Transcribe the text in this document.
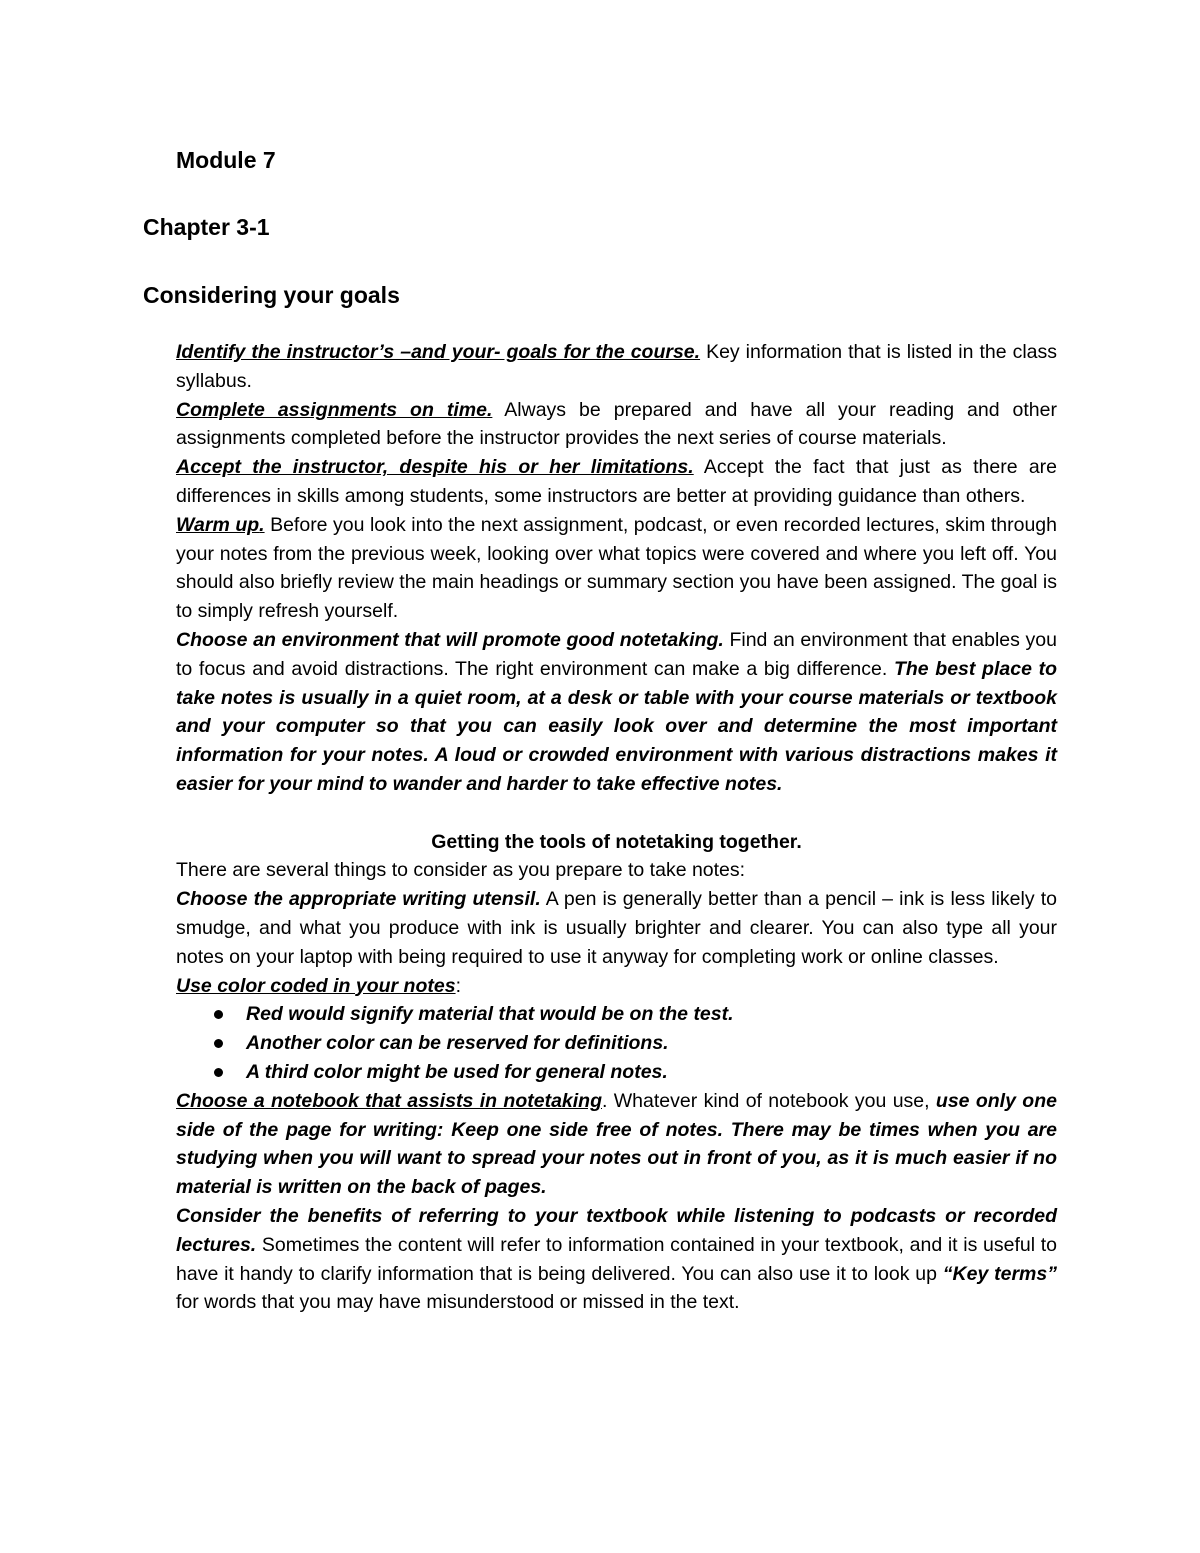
Module 7
Chapter 3-1
Considering your goals

Identify the instructor’s –and your- goals for the course. Key information that is listed in the class syllabus.

Complete assignments on time. Always be prepared and have all your reading and other assignments completed before the instructor provides the next series of course materials.

Accept the instructor, despite his or her limitations. Accept the fact that just as there are differences in skills among students, some instructors are better at providing guidance than others.

Warm up. Before you look into the next assignment, podcast, or even recorded lectures, skim through your notes from the previous week, looking over what topics were covered and where you left off. You should also briefly review the main headings or summary section you have been assigned. The goal is to simply refresh yourself.

Choose an environment that will promote good notetaking. Find an environment that enables you to focus and avoid distractions. The right environment can make a big difference. The best place to take notes is usually in a quiet room, at a desk or table with your course materials or textbook and your computer so that you can easily look over and determine the most important information for your notes. A loud or crowded environment with various distractions makes it easier for your mind to wander and harder to take effective notes.

Getting the tools of notetaking together.

There are several things to consider as you prepare to take notes:

Choose the appropriate writing utensil. A pen is generally better than a pencil – ink is less likely to smudge, and what you produce with ink is usually brighter and clearer. You can also type all your notes on your laptop with being required to use it anyway for completing work or online classes.

Use color coded in your notes:

Red would signify material that would be on the test.
Another color can be reserved for definitions.
A third color might be used for general notes.

Choose a notebook that assists in notetaking. Whatever kind of notebook you use, use only one side of the page for writing: Keep one side free of notes. There may be times when you are studying when you will want to spread your notes out in front of you, as it is much easier if no material is written on the back of pages.

Consider the benefits of referring to your textbook while listening to podcasts or recorded lectures. Sometimes the content will refer to information contained in your textbook, and it is useful to have it handy to clarify information that is being delivered. You can also use it to look up “Key terms” for words that you may have misunderstood or missed in the text.
